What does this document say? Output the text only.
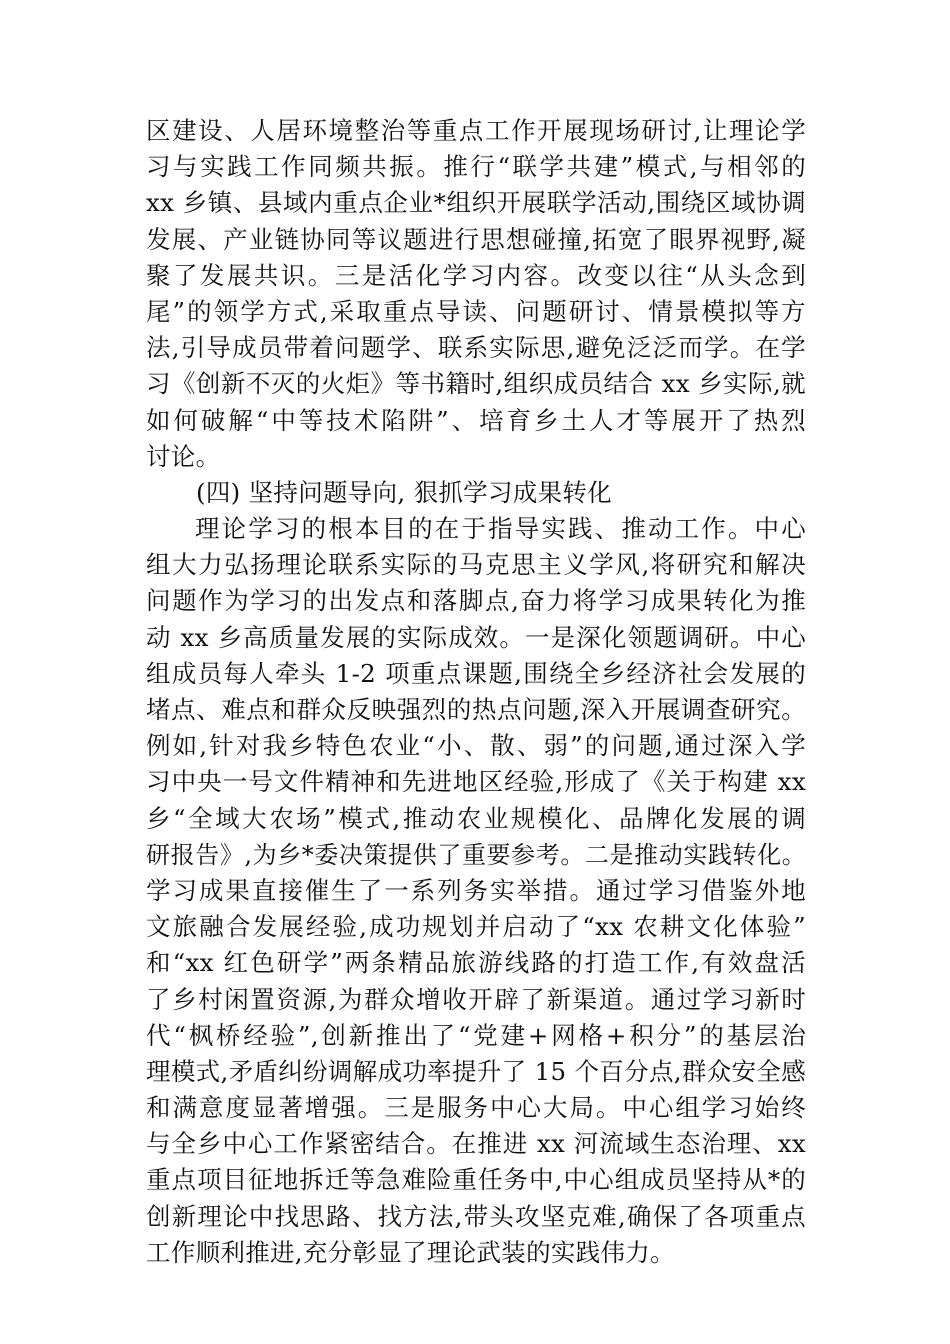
区建设、人居环境整治等重点工作开展现场研讨,让理论学
习与实践工作同频共振。推行“联学共建”模式,与相邻的
xx 乡镇、县域内重点企业*组织开展联学活动,围绕区域协调
发展、产业链协同等议题进行思想碰撞,拓宽了眼界视野,凝
聚了发展共识。三是活化学习内容。改变以往“从头念到
尾”的领学方式,采取重点导读、问题研讨、情景模拟等方
法,引导成员带着问题学、联系实际思,避免泛泛而学。在学
习《创新不灭的火炬》等书籍时,组织成员结合 xx 乡实际,就
如何破解“中等技术陷阱”、培育乡土人才等展开了热烈
讨论。
(四) 坚持问题导向, 狠抓学习成果转化
理论学习的根本目的在于指导实践、推动工作。中心
组大力弘扬理论联系实际的马克思主义学风,将研究和解决
问题作为学习的出发点和落脚点,奋力将学习成果转化为推
动 xx 乡高质量发展的实际成效。一是深化领题调研。中心
组成员每人牵头 1-2 项重点课题,围绕全乡经济社会发展的
堵点、难点和群众反映强烈的热点问题,深入开展调查研究。
例如,针对我乡特色农业“小、散、弱”的问题,通过深入学
习中央一号文件精神和先进地区经验,形成了《关于构建 xx
乡“全域大农场”模式,推动农业规模化、品牌化发展的调
研报告》,为乡*委决策提供了重要参考。二是推动实践转化。
学习成果直接催生了一系列务实举措。通过学习借鉴外地
文旅融合发展经验,成功规划并启动了“xx 农耕文化体验”
和“xx 红色研学”两条精品旅游线路的打造工作,有效盘活
了乡村闲置资源,为群众增收开辟了新渠道。通过学习新时
代“枫桥经验”,创新推出了“党建+网格+积分”的基层治
理模式,矛盾纠纷调解成功率提升了 15 个百分点,群众安全感
和满意度显著增强。三是服务中心大局。中心组学习始终
与全乡中心工作紧密结合。在推进 xx 河流域生态治理、xx
重点项目征地拆迁等急难险重任务中,中心组成员坚持从*的
创新理论中找思路、找方法,带头攻坚克难,确保了各项重点
工作顺利推进,充分彰显了理论武装的实践伟力。
